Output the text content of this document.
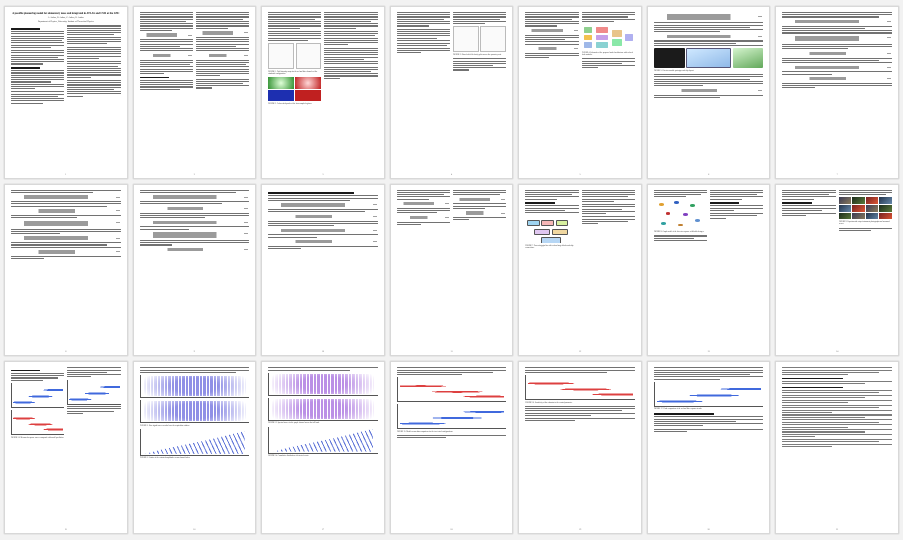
A possible pioneering model for elementary mass and integrated in ATLAS and CMS at the LHC
A. Author, B. Author, C. Author, D. Author
Department of Physics, University; Institute of Theoretical Physics
1	2
FIGURE 1. Field intensity maps for the red and blue channels of the simulated configuration.
FIGURE 2. Color-coded panels of the four sampled regimes.
3
FIGURE 3. Paired red-field density plots across the symmetry axis.
4
FIGURE 4. Schematic of the proposed model architecture with colored block modules.
5
FIGURE 5. Detector module prototype and chip layout.
6	7
8	9	10	11
FIGURE 7. Processing pipeline with colored stage blocks and skip connections.
12
FIGURE 8. Graph model of the detector response with labeled stages.
13
FIGURE 9. Experimental setup: instrument photographs and measured scenes.
14
FIGURE 10. Measured response curves compared with model prediction.
15
FIGURE 11. Raw signal traces recorded over the acquisition window.
FIGURE 12. Scatter of the extracted amplitudes versus channel index.
16
FIGURE 13. Spectral traces for the purple channel across the full band.
FIGURE 14. Cumulative distribution of detected events.
17
FIGURE 15. Model-versus-data comparison for the two tested configurations.
18
FIGURE 16. Sensitivity of the estimator to the control parameter.
19
FIGURE 17. Final comparison of the red and blue response trends.
20	21
